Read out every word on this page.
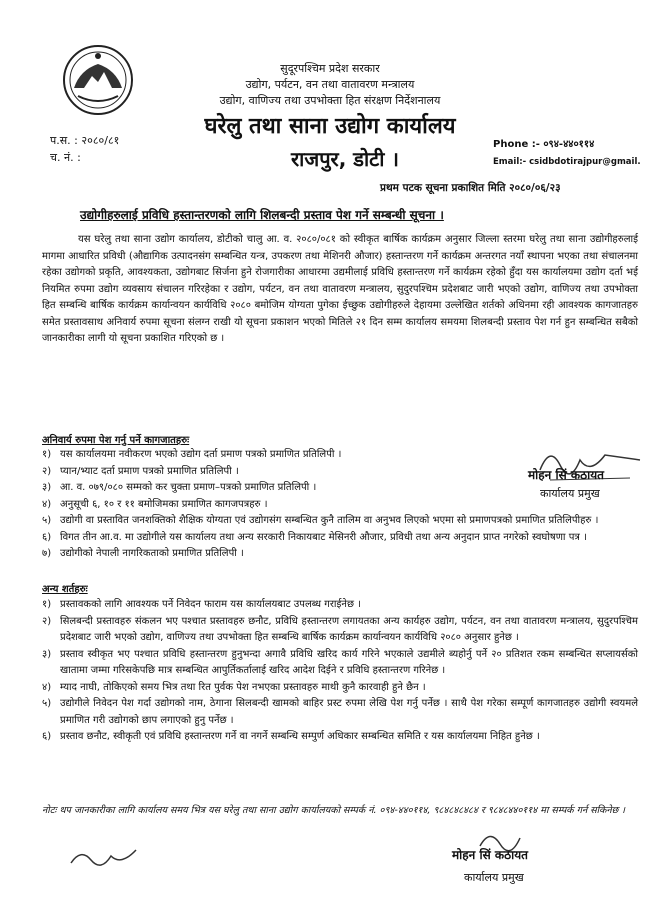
सुदूरपश्चिम प्रदेश सरकार
उद्योग, पर्यटन, वन तथा वातावरण मन्त्रालय
उद्योग, वाणिज्य तथा उपभोक्ता हित संरक्षण निर्देशनालय
घरेलु तथा साना उद्योग कार्यालय
राजपुर, डोटी ।
प.स. : २०८०/८१
च. नं. :
Phone :- ०९४-४४०११४
Email:- csidbdotirajpur@gmail.
प्रथम पटक सूचना प्रकाशित मिति २०८०/०६/२३
उद्योगीहरुलाई प्रविधि हस्तान्तरणको लागि शिलबन्दी प्रस्ताव पेश गर्ने सम्बन्धी सूचना ।
यस घरेलु तथा साना उद्योग कार्यालय, डोटीको चालु आ. व. २०८०/०८१ को स्वीकृत बार्षिक कार्यक्रम अनुसार जिल्ला स्तरमा घरेलु तथा साना उद्योगीहरुलाई मागमा आधारित प्रविधी (औद्यागिक उत्पादनसंग सम्बन्धित यन्त्र, उपकरण तथा मेशिनरी औजार) हस्तान्तरण गर्ने कार्यक्रम अन्तरगत नयाँ स्थापना भएका तथा संचालनमा रहेका उद्योगको प्रकृति, आवश्यकता, उद्योगबाट सिर्जना हुने रोजगारीका आधारमा उद्यमीलाई प्रविधि हस्तान्तरण गर्ने कार्यक्रम रहेको हुँदा यस कार्यालयमा उद्योग दर्ता भई नियमित रुपमा उद्योग व्यवसाय संचालन गरिरहेका र उद्योग, पर्यटन, वन तथा वातावरण मन्त्रालय, सुदुरपश्चिम प्रदेशबाट जारी भएको उद्योग, वाणिज्य तथा उपभोक्ता हित सम्बन्धि बार्षिक कार्यक्रम कार्यान्वयन कार्यविधि २०८० बमोजिम योग्यता पुगेका ईच्छुक उद्योगीहरुले देहायमा उल्लेखित शर्तको अधिनमा रही आवश्यक कागजातहरु समेत प्रस्तावसाथ अनिवार्य रुपमा सूचना संलग्न राखी यो सूचना प्रकाशन भएको मितिले २१ दिन सम्म कार्यालय समयमा शिलबन्दी प्रस्ताव पेश गर्न हुन सम्बन्धित सबैको जानकारीका लागी यो सूचना प्रकाशित गरिएको छ ।
अनिवार्य रुपमा पेश गर्नु पर्ने कागजातहरुः
१) यस कार्यालयमा नवीकरण भएको उद्योग दर्ता प्रमाण पत्रको प्रमाणित प्रतिलिपी ।
२) प्यान/भ्याट दर्ता प्रमाण पत्रको प्रमाणित प्रतिलिपी ।
३) आ. व. ०७९/०८० सम्मको कर चुक्ता प्रमाण–पत्रको प्रमाणित प्रतिलिपी ।
४) अनुसूची ६, १० र ११ बमोजिमका प्रमाणित कागजपत्रहरु ।
५) उद्योगी वा प्रस्तावित जनशक्तिको शैक्षिक योग्यता एवं उद्योगसंग सम्बन्धित कुनै तालिम वा अनुभव लिएको भएमा सो प्रमाणपत्रको प्रमाणित प्रतिलिपीहरु ।
६) विगत तीन आ.व. मा उद्योगीले यस कार्यालय तथा अन्य सरकारी निकायबाट मेसिनरी औजार, प्रविधी तथा अन्य अनुदान प्राप्त नगरेको स्वघोषणा पत्र ।
७) उद्योगीको नेपाली नागरिकताको प्रमाणित प्रतिलिपी ।
मोहन सिं कठायत
कार्यालय प्रमुख
अन्य शर्तहरुः
१) प्रस्तावकको लागि आवश्यक पर्ने निवेदन फाराम यस कार्यालयबाट उपलब्ध गराईनेछ ।
२) सिलबन्दी प्रस्तावहरु संकलन भए पश्चात प्रस्तावहरु छनौट, प्रविधि हस्तान्तरण लगायतका अन्य कार्यहरु उद्योग, पर्यटन, वन तथा वातावरण मन्त्रालय, सुदुरपश्चिम प्रदेशबाट जारी भएको उद्योग, वाणिज्य तथा उपभोक्ता हित सम्बन्धि बार्षिक कार्यक्रम कार्यान्वयन कार्यविधि २०८० अनुसार हुनेछ ।
३) प्रस्ताव स्वीकृत भए पश्चात प्रविधि हस्तान्तरण हुनुभन्दा अगावै प्रविधि खरिद कार्य गरिने भएकाले उद्यमीले ब्यहोर्नु पर्ने २० प्रतिशत रकम सम्बन्धित सप्लायर्सको खातामा जम्मा गरिसकेपछि मात्र सम्बन्धित आपुर्तिकर्तालाई खरिद आदेश दिईने र प्रविधि हस्तान्तरण गरिनेछ ।
४) म्याद नाघी, तोकिएको समय भित्र तथा रित पुर्वक पेश नभएका प्रस्तावहरु माथी कुनै कारवाही हुने छैन ।
५) उद्योगीले निवेदन पेश गर्दा उद्योगको नाम, ठेगाना सिलबन्दी खामको बाहिर प्रस्ट रुपमा लेखि पेश गर्नु पर्नेछ । साथै पेश गरेका सम्पूर्ण कागजातहरु उद्योगी स्वयमले प्रमाणित गरी उद्योगको छाप लगाएको हुनु पर्नेछ ।
६) प्रस्ताव छनौट, स्वीकृती एवं प्रविधि हस्तान्तरण गर्ने वा नगर्ने सम्बन्धि सम्पुर्ण अधिकार सम्बन्धित समिति र यस कार्यालयमा निहित हुनेछ ।
नोटः थप जानकारीका लागि कार्यालय समय भित्र यस घरेलु तथा साना उद्योग कार्यालयको सम्पर्क नं. ०९४-४४०११४, ९८४८४८४८४ र ९८४८४४०११४ मा सम्पर्क गर्न सकिनेछ ।
मोहन सिं कठायत
कार्यालय प्रमुख
